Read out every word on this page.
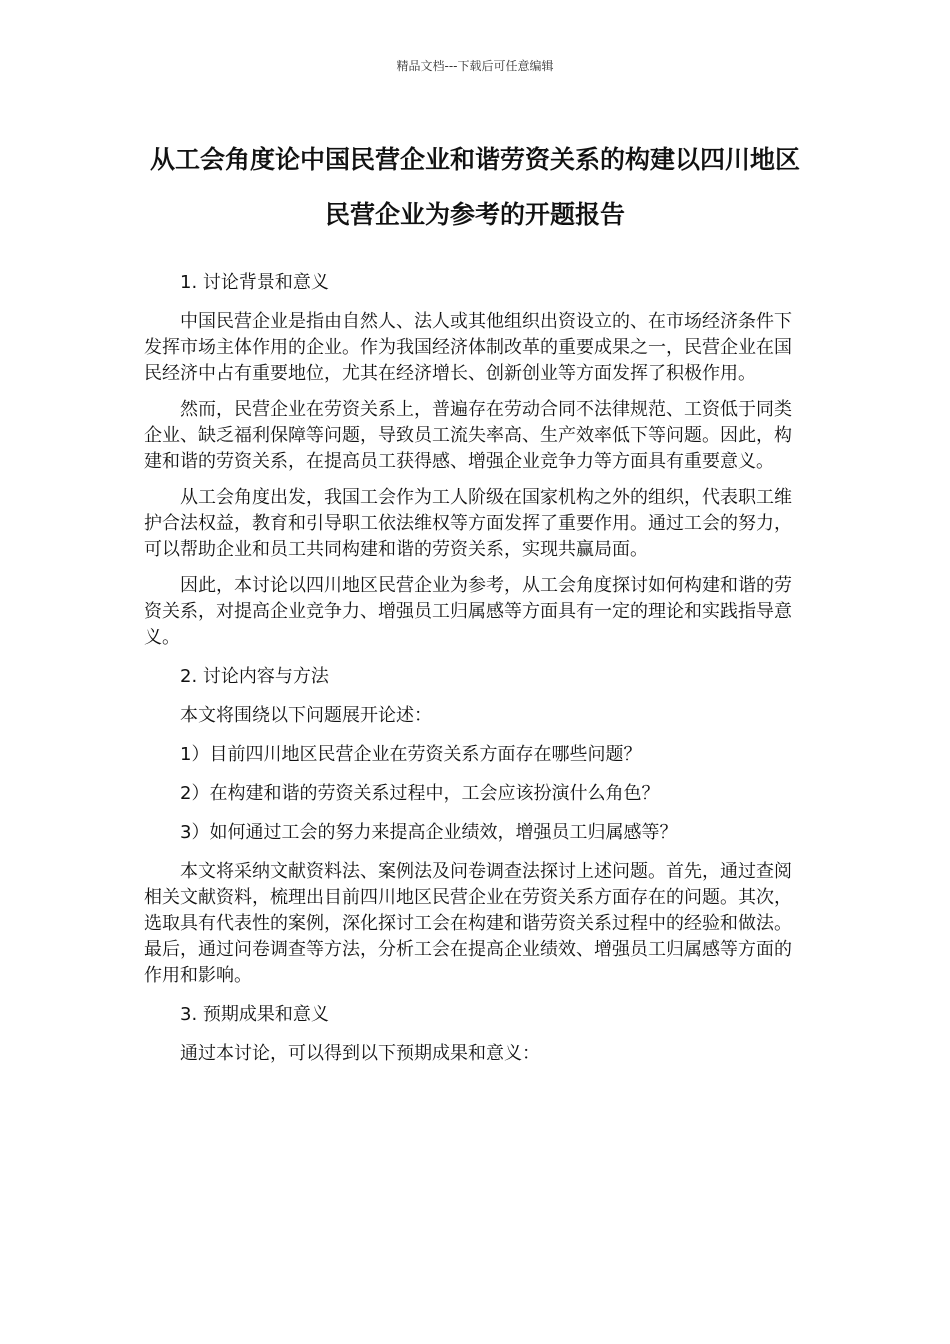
精品文档---下载后可任意编辑
从工会角度论中国民营企业和谐劳资关系的构建以四川地区民营企业为参考的开题报告

1. 讨论背景和意义

中国民营企业是指由自然人、法人或其他组织出资设立的、在市场经济条件下发挥市场主体作用的企业。作为我国经济体制改革的重要成果之一，民营企业在国民经济中占有重要地位，尤其在经济增长、创新创业等方面发挥了积极作用。

然而，民营企业在劳资关系上，普遍存在劳动合同不法律规范、工资低于同类企业、缺乏福利保障等问题，导致员工流失率高、生产效率低下等问题。因此，构建和谐的劳资关系，在提高员工获得感、增强企业竞争力等方面具有重要意义。

从工会角度出发，我国工会作为工人阶级在国家机构之外的组织，代表职工维护合法权益，教育和引导职工依法维权等方面发挥了重要作用。通过工会的努力，可以帮助企业和员工共同构建和谐的劳资关系，实现共赢局面。

因此，本讨论以四川地区民营企业为参考，从工会角度探讨如何构建和谐的劳资关系，对提高企业竞争力、增强员工归属感等方面具有一定的理论和实践指导意义。

2. 讨论内容与方法

本文将围绕以下问题展开论述：

1）目前四川地区民营企业在劳资关系方面存在哪些问题？

2）在构建和谐的劳资关系过程中，工会应该扮演什么角色？

3）如何通过工会的努力来提高企业绩效，增强员工归属感等？

本文将采纳文献资料法、案例法及问卷调查法探讨上述问题。首先，通过查阅相关文献资料，梳理出目前四川地区民营企业在劳资关系方面存在的问题。其次，选取具有代表性的案例，深化探讨工会在构建和谐劳资关系过程中的经验和做法。最后，通过问卷调查等方法，分析工会在提高企业绩效、增强员工归属感等方面的作用和影响。

3. 预期成果和意义

通过本讨论，可以得到以下预期成果和意义：
